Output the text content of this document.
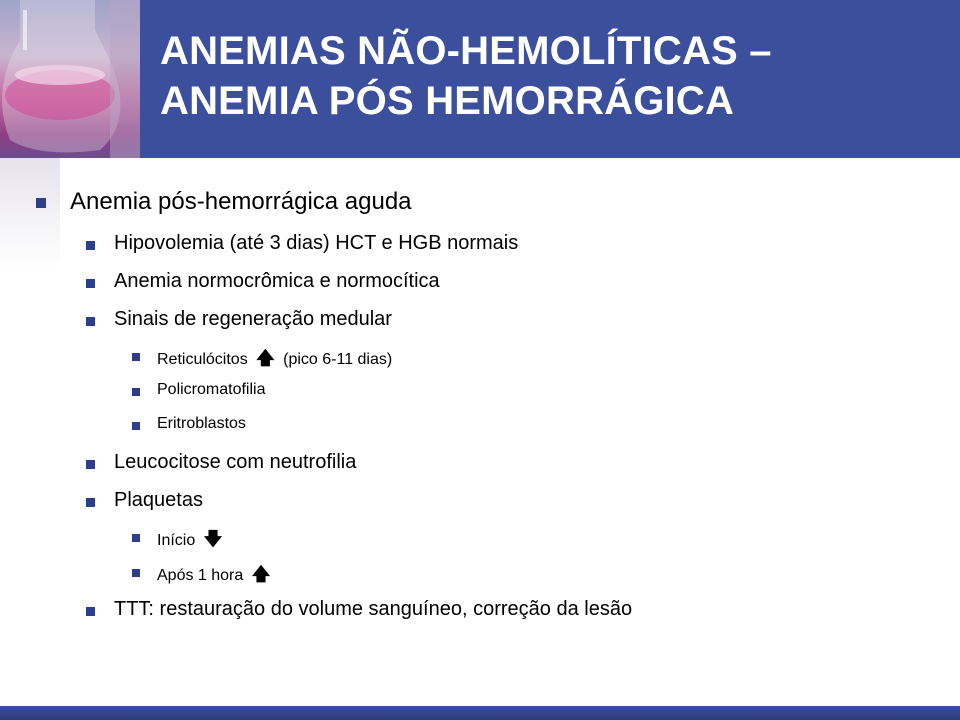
ANEMIAS NÃO-HEMOLÍTICAS –
ANEMIA PÓS HEMORRÁGICA
Anemia pós-hemorrágica aguda
Hipovolemia (até 3 dias) HCT e HGB normais
Anemia normocrômica e normocítica
Sinais de regeneração medular
Reticulócitos 🡅 (pico 6-11 dias)
Policromatofilia
Eritroblastos
Leucocitose com neutrofilia
Plaquetas
Início 🡇
Após 1 hora 🡅
TTT: restauração do volume sanguíneo, correção da lesão
